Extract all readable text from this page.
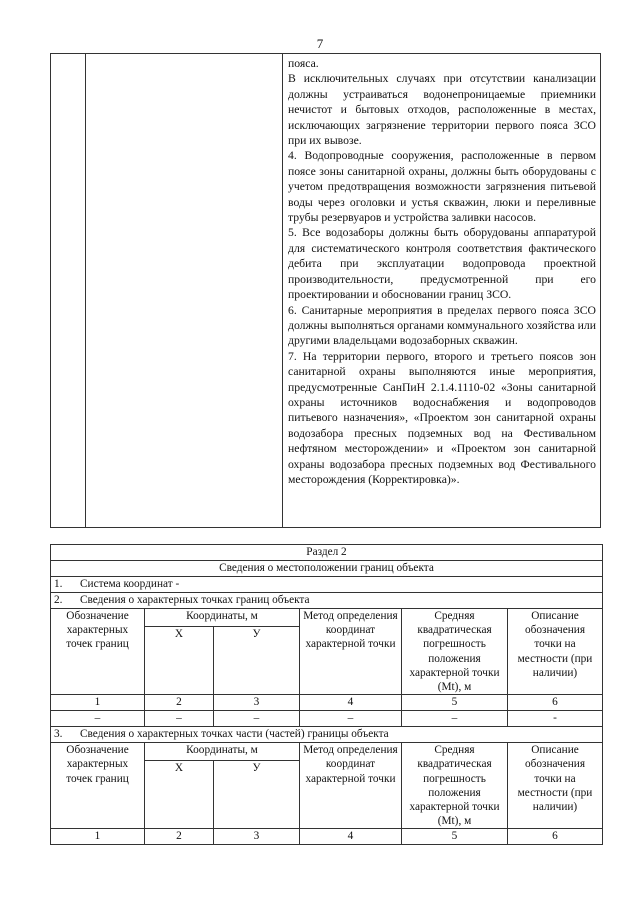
7

пояса.

В исключительных случаях при отсутствии канализации должны устраиваться водонепроницаемые приемники нечистот и бытовых отходов, расположенные в местах, исключающих загрязнение территории первого пояса ЗСО при их вывозе.

4. Водопроводные сооружения, расположенные в первом поясе зоны санитарной охраны, должны быть оборудованы с учетом предотвращения возможности загрязнения питьевой воды через оголовки и устья скважин, люки и переливные трубы резервуаров и устройства заливки насосов.

5. Все водозаборы должны быть оборудованы аппаратурой для систематического контроля соответствия фактического дебита при эксплуатации водопровода проектной производительности, предусмотренной при его проектировании и обосновании границ ЗСО.

6. Санитарные мероприятия в пределах первого пояса ЗСО должны выполняться органами коммунального хозяйства или другими владельцами водозаборных скважин.

7. На территории первого, второго и третьего поясов зон санитарной охраны выполняются иные мероприятия, предусмотренные СанПиН 2.1.4.1110-02 «Зоны санитарной охраны источников водоснабжения и водопроводов питьевого назначения», «Проектом зон санитарной охраны водозабора пресных подземных вод на Фестивальном нефтяном месторождении» и «Проектом зон санитарной охраны водозабора пресных подземных вод Фестивального месторождения (Корректировка)».

Раздел 2					
Сведения о местоположении границ объекта					
1. Система координат -					
2. Сведения о характерных точках границ объекта					
Обозначение характерных точек границ	Координаты, м		Метод определения координат характерной точки	Средняя квадратическая погрешность положения характерной точки (Mt), м	Описание обозначения точки на местности (при наличии)
	X	У			
1	2	3	4	5	6
–	–	–	–	–	-
3. Сведения о характерных точках части (частей) границы объекта					
Обозначение характерных точек границ	Координаты, м		Метод определения координат характерной точки	Средняя квадратическая погрешность положения характерной точки (Mt), м	Описание обозначения точки на местности (при наличии)
	X	У			
1	2	3	4	5	6
